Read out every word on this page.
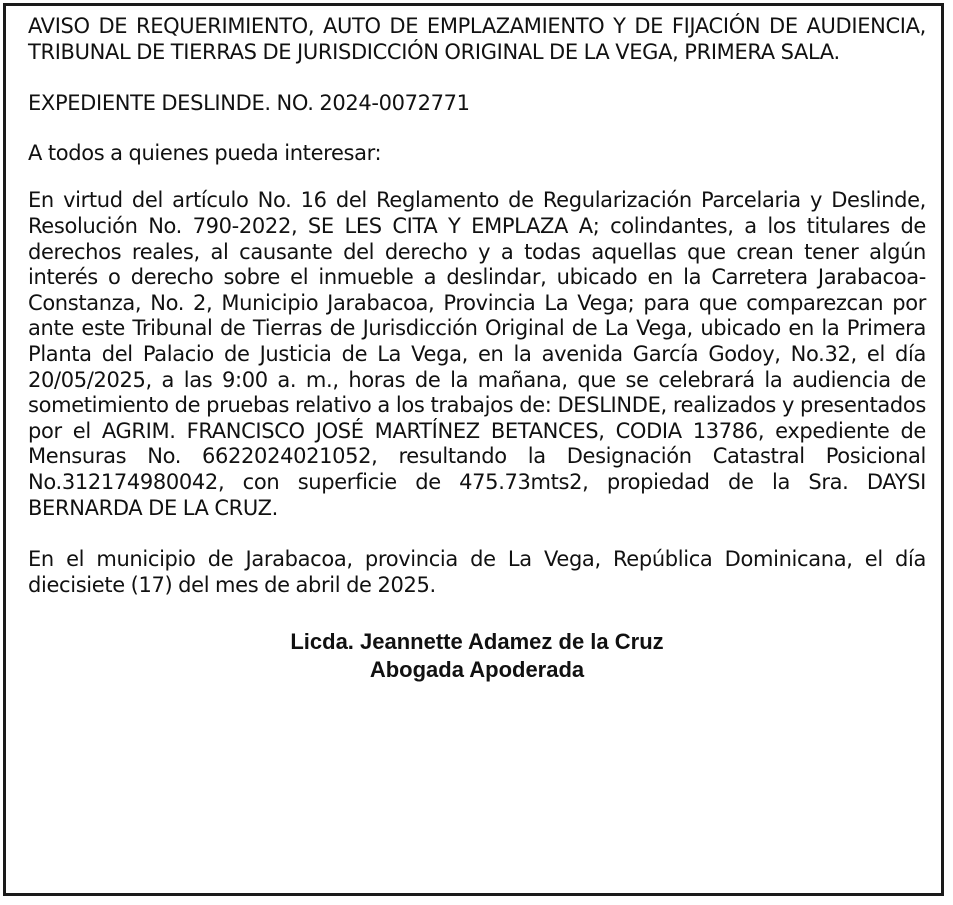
AVISO DE REQUERIMIENTO, AUTO DE EMPLAZAMIENTO Y DE FIJACIÓN DE AUDIENCIA, TRIBUNAL DE TIERRAS DE JURISDICCIÓN ORIGINAL DE LA VEGA, PRIMERA SALA.

EXPEDIENTE DESLINDE. NO. 2024-0072771

A todos a quienes pueda interesar:

En virtud del artículo No. 16 del Reglamento de Regularización Parcelaria y Deslinde, Resolución No. 790-2022, SE LES CITA Y EMPLAZA A; colindantes, a los titulares de derechos reales, al causante del derecho y a todas aquellas que crean tener algún interés o derecho sobre el inmueble a deslindar, ubicado en la Carretera Jarabacoa-Constanza, No. 2, Municipio Jarabacoa, Provincia La Vega; para que comparezcan por ante este Tribunal de Tierras de Jurisdicción Original de La Vega, ubicado en la Primera Planta del Palacio de Justicia de La Vega, en la avenida García Godoy, No.32, el día 20/05/2025, a las 9:00 a. m., horas de la mañana, que se celebrará la audiencia de sometimiento de pruebas relativo a los trabajos de: DESLINDE, realizados y presentados por el AGRIM. FRANCISCO JOSÉ MARTÍNEZ BETANCES, CODIA 13786, expediente de Mensuras No. 6622024021052, resultando la Designación Catastral Posicional No.312174980042, con superficie de 475.73mts2, propiedad de la Sra. DAYSI BERNARDA DE LA CRUZ.

En el municipio de Jarabacoa, provincia de La Vega, República Dominicana, el día diecisiete (17) del mes de abril de 2025.

Licda. Jeannette Adamez de la Cruz
Abogada Apoderada
